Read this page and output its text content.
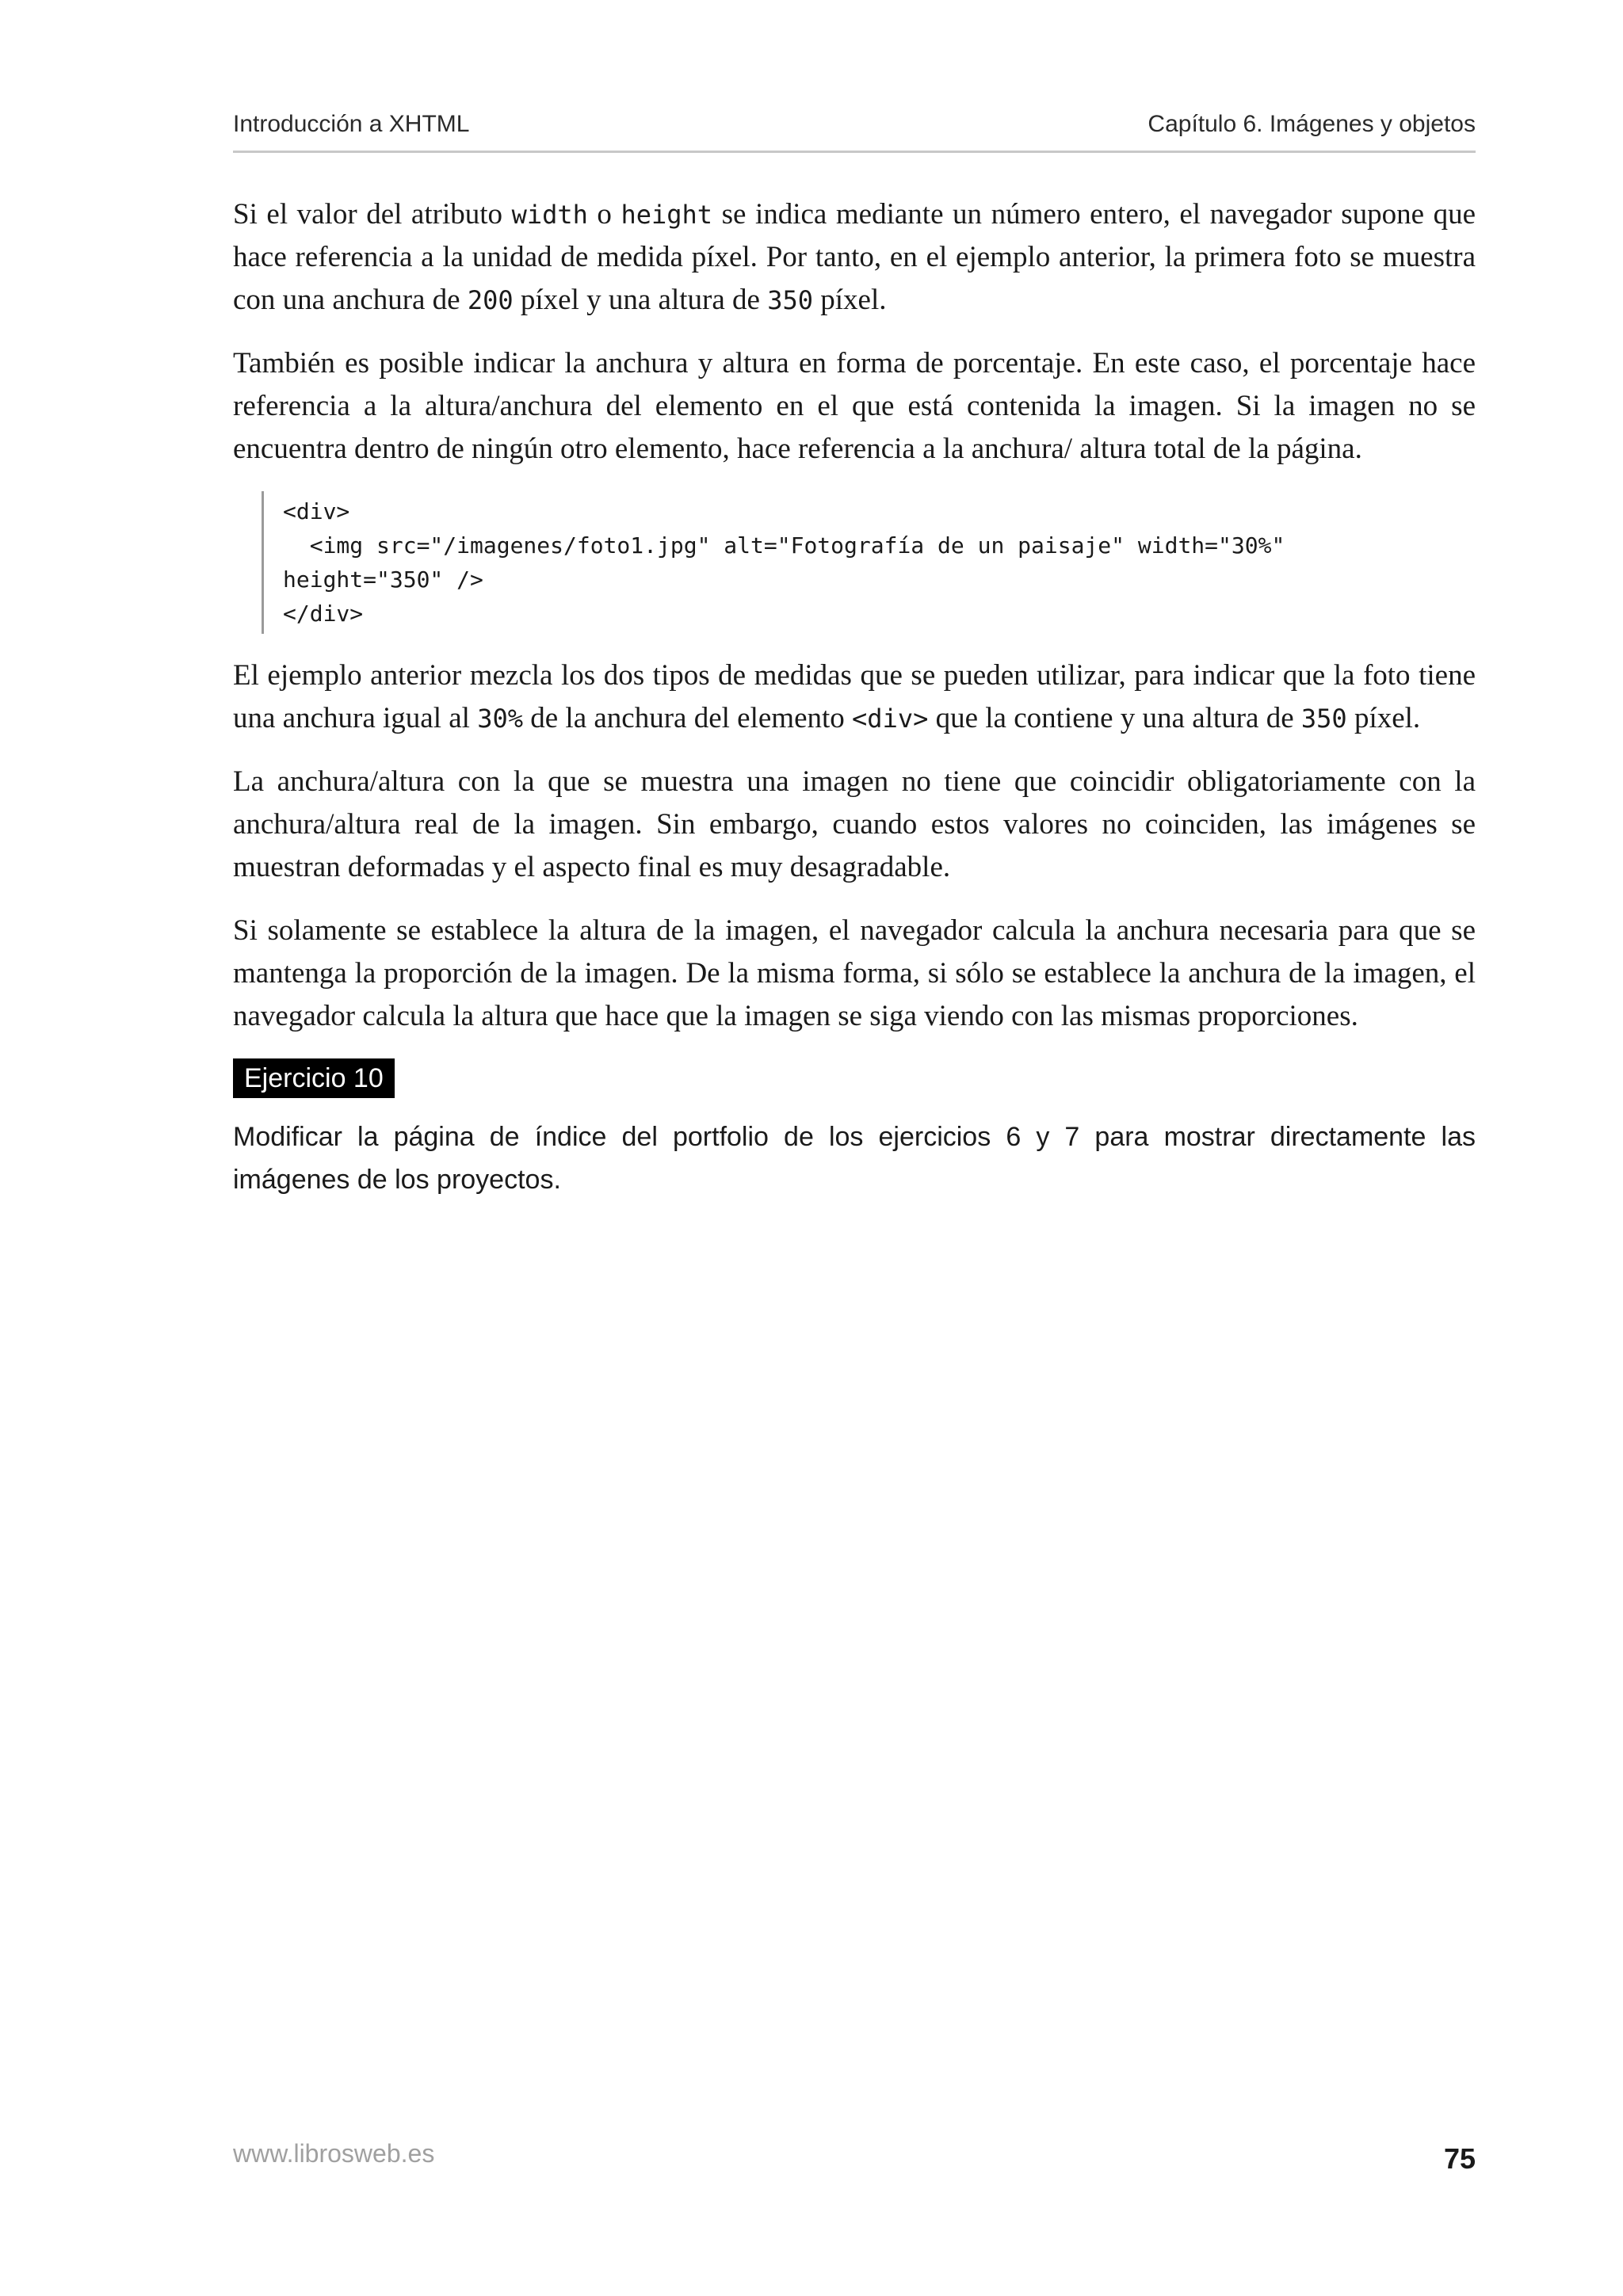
Introducción a XHTML	Capítulo 6. Imágenes y objetos

Si el valor del atributo width o height se indica mediante un número entero, el navegador supone que hace referencia a la unidad de medida píxel. Por tanto, en el ejemplo anterior, la primera foto se muestra con una anchura de 200 píxel y una altura de 350 píxel.

También es posible indicar la anchura y altura en forma de porcentaje. En este caso, el porcentaje hace referencia a la altura/anchura del elemento en el que está contenida la imagen. Si la imagen no se encuentra dentro de ningún otro elemento, hace referencia a la anchura/ altura total de la página.

<div>
<img src="/imagenes/foto1.jpg" alt="Fotografía de un paisaje" width="30%"
height="350" />
</div>

El ejemplo anterior mezcla los dos tipos de medidas que se pueden utilizar, para indicar que la foto tiene una anchura igual al 30% de la anchura del elemento <div> que la contiene y una altura de 350 píxel.

La anchura/altura con la que se muestra una imagen no tiene que coincidir obligatoriamente con la anchura/altura real de la imagen. Sin embargo, cuando estos valores no coinciden, las imágenes se muestran deformadas y el aspecto final es muy desagradable.

Si solamente se establece la altura de la imagen, el navegador calcula la anchura necesaria para que se mantenga la proporción de la imagen. De la misma forma, si sólo se establece la anchura de la imagen, el navegador calcula la altura que hace que la imagen se siga viendo con las mismas proporciones.

Ejercicio 10

Modificar la página de índice del portfolio de los ejercicios 6 y 7 para mostrar directamente las imágenes de los proyectos.

www.librosweb.es	75
